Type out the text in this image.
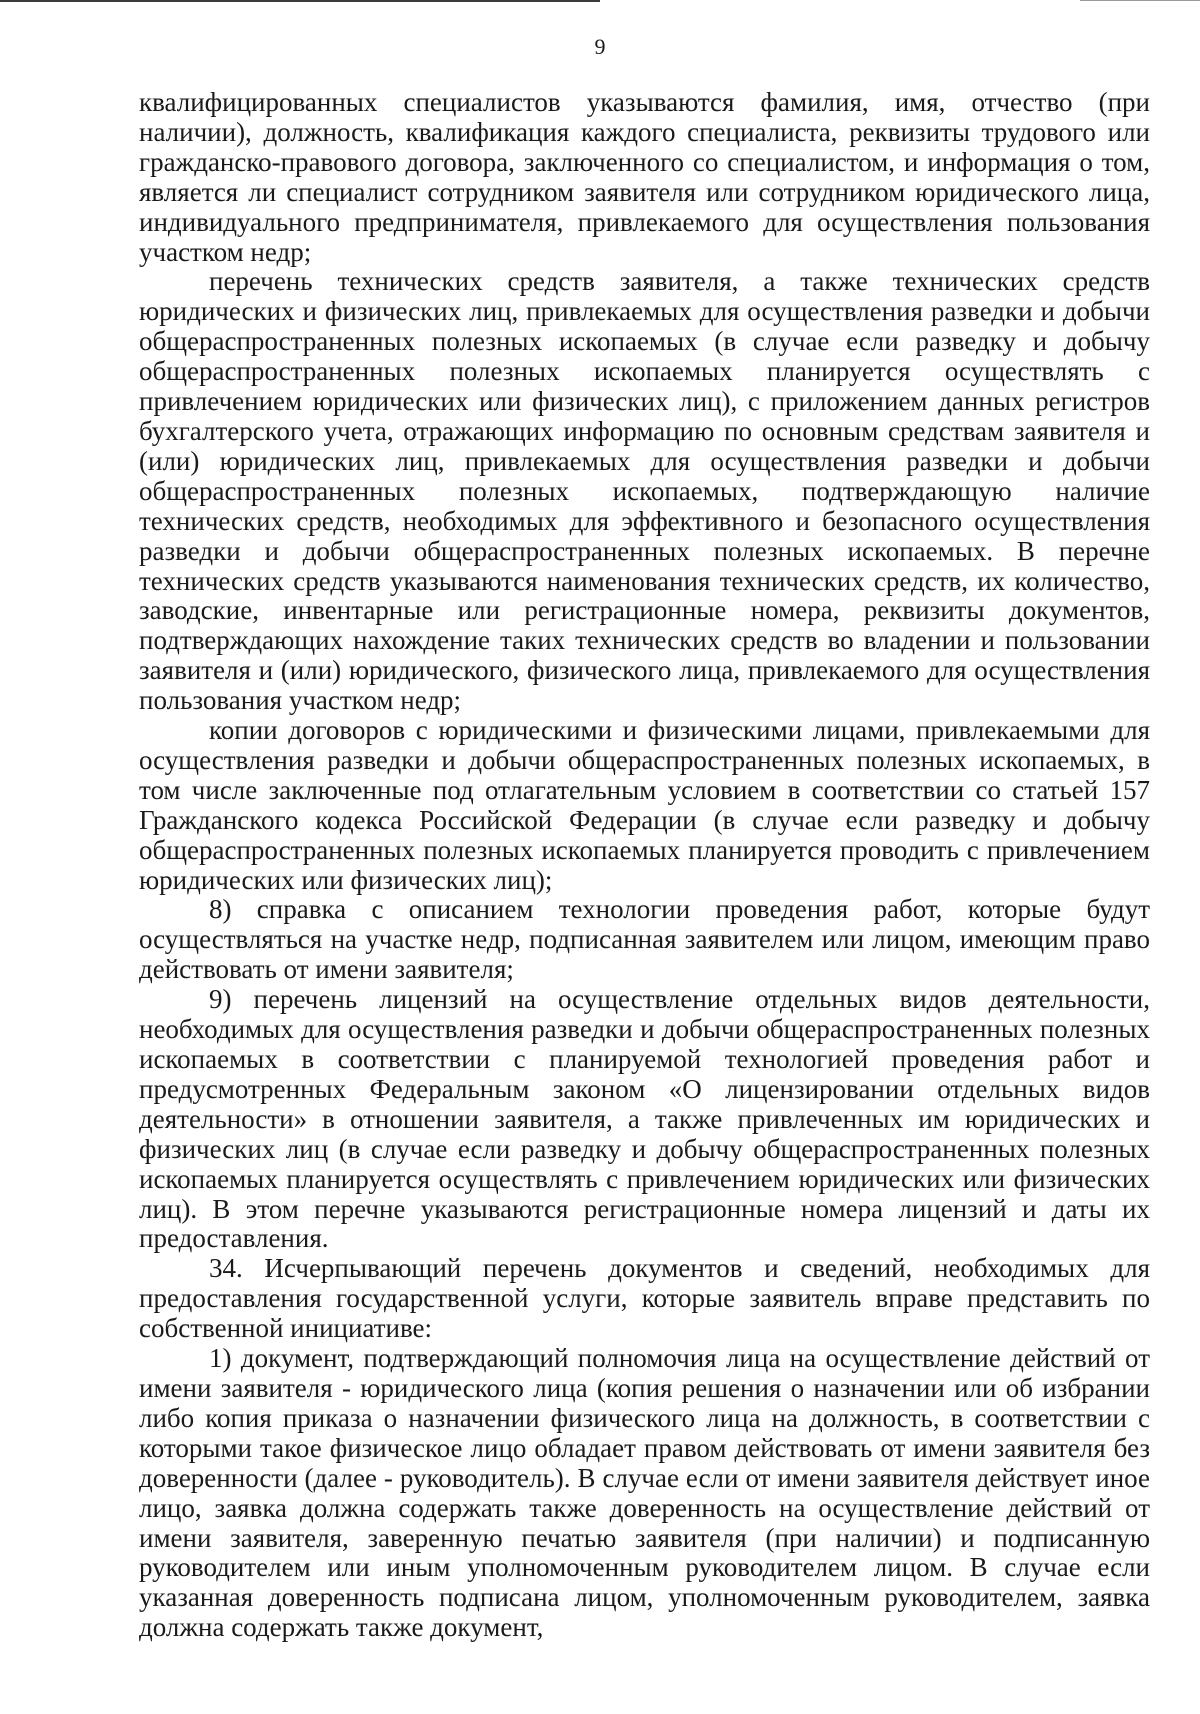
9

квалифицированных специалистов указываются фамилия, имя, отчество (при наличии), должность, квалификация каждого специалиста, реквизиты трудового или гражданско-правового договора, заключенного со специалистом, и информация о том, является ли специалист сотрудником заявителя или сотрудником юридического лица, индивидуального предпринимателя, привлекаемого для осуществления пользования участком недр;

перечень технических средств заявителя, а также технических средств юридических и физических лиц, привлекаемых для осуществления разведки и добычи общераспространенных полезных ископаемых (в случае если разведку и добычу общераспространенных полезных ископаемых планируется осуществлять с привлечением юридических или физических лиц), с приложением данных регистров бухгалтерского учета, отражающих информацию по основным средствам заявителя и (или) юридических лиц, привлекаемых для осуществления разведки и добычи общераспространенных полезных ископаемых, подтверждающую наличие технических средств, необходимых для эффективного и безопасного осуществления разведки и добычи общераспространенных полезных ископаемых. В перечне технических средств указываются наименования технических средств, их количество, заводские, инвентарные или регистрационные номера, реквизиты документов, подтверждающих нахождение таких технических средств во владении и пользовании заявителя и (или) юридического, физического лица, привлекаемого для осуществления пользования участком недр;

копии договоров с юридическими и физическими лицами, привлекаемыми для осуществления разведки и добычи общераспространенных полезных ископаемых, в том числе заключенные под отлагательным условием в соответствии со статьей 157 Гражданского кодекса Российской Федерации (в случае если разведку и добычу общераспространенных полезных ископаемых планируется проводить с привлечением юридических или физических лиц);

8) справка с описанием технологии проведения работ, которые будут осуществляться на участке недр, подписанная заявителем или лицом, имеющим право действовать от имени заявителя;

9) перечень лицензий на осуществление отдельных видов деятельности, необходимых для осуществления разведки и добычи общераспространенных полезных ископаемых в соответствии с планируемой технологией проведения работ и предусмотренных Федеральным законом «О лицензировании отдельных видов деятельности» в отношении заявителя, а также привлеченных им юридических и физических лиц (в случае если разведку и добычу общераспространенных полезных ископаемых планируется осуществлять с привлечением юридических или физических лиц). В этом перечне указываются регистрационные номера лицензий и даты их предоставления.

34. Исчерпывающий перечень документов и сведений, необходимых для предоставления государственной услуги, которые заявитель вправе представить по собственной инициативе:

1) документ, подтверждающий полномочия лица на осуществление действий от имени заявителя - юридического лица (копия решения о назначении или об избрании либо копия приказа о назначении физического лица на должность, в соответствии с которыми такое физическое лицо обладает правом действовать от имени заявителя без доверенности (далее - руководитель). В случае если от имени заявителя действует иное лицо, заявка должна содержать также доверенность на осуществление действий от имени заявителя, заверенную печатью заявителя (при наличии) и подписанную руководителем или иным уполномоченным руководителем лицом. В случае если указанная доверенность подписана лицом, уполномоченным руководителем, заявка должна содержать также документ,
